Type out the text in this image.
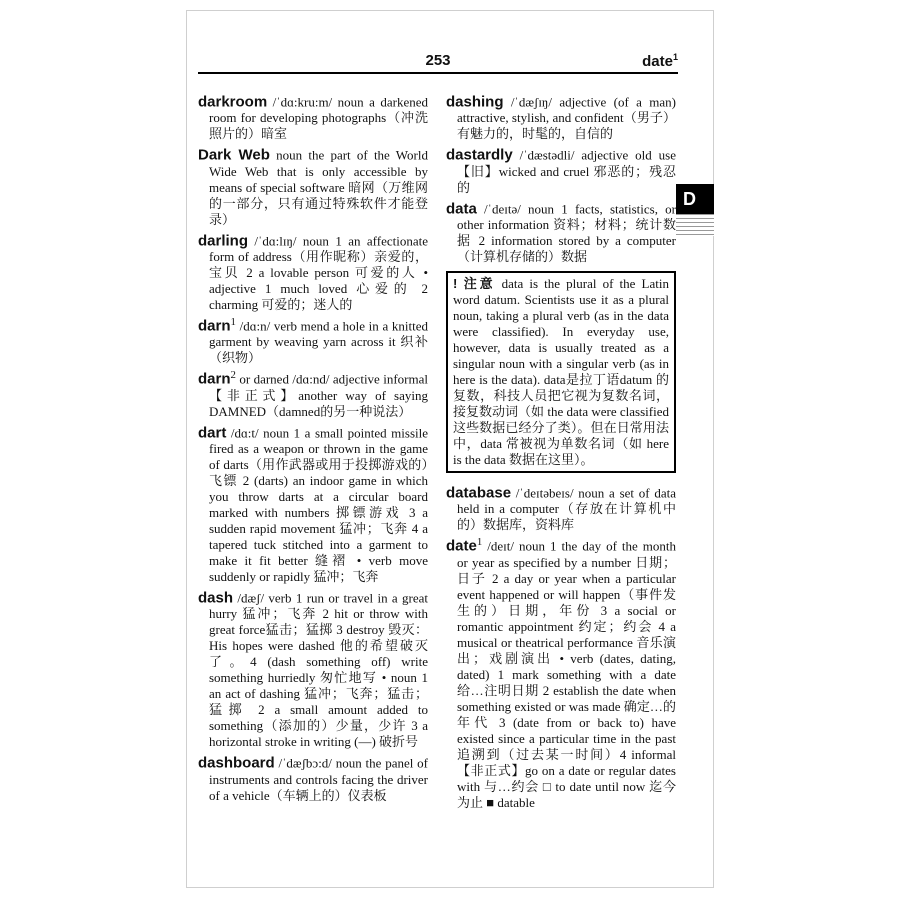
253	date$^1$
D
darkroom /ˈdɑ:kru:m/ noun a darkened room for developing photographs（冲洗照片的）暗室
Dark Web noun the part of the World Wide Web that is only accessible by means of special software 暗网（万维网的一部分，只有通过特殊软件才能登录）
darling /ˈdɑ:lɪŋ/ noun 1 an affectionate form of address（用作昵称）亲爱的，宝贝 2 a lovable person 可爱的人 • adjective 1 much loved 心爱的 2 charming 可爱的；迷人的
darn$^1$ /dɑ:n/ verb mend a hole in a knitted garment by weaving yarn across it 织补（织物）
darn$^2$ or darned /dɑ:nd/ adjective informal【非正式】another way of saying DAMNED（damned的另一种说法）
dart /dɑ:t/ noun 1 a small pointed missile fired as a weapon or thrown in the game of darts（用作武器或用于投掷游戏的）飞镖 2 (darts) an indoor game in which you throw darts at a circular board marked with numbers 掷镖游戏 3 a sudden rapid movement 猛冲；飞奔 4 a tapered tuck stitched into a garment to make it fit better 缝褶 • verb move suddenly or rapidly 猛冲；飞奔
dash /dæʃ/ verb 1 run or travel in a great hurry 猛冲；飞奔 2 hit or throw with great force猛击；猛掷 3 destroy 毁灭：His hopes were dashed 他的希望破灭了。4 (dash something off) write something hurriedly 匆忙地写 • noun 1 an act of dashing 猛冲；飞奔；猛击；猛掷 2 a small amount added to something（添加的）少量，少许 3 a horizontal stroke in writing (—) 破折号
dashboard /ˈdæʃbɔ:d/ noun the panel of instruments and controls facing the driver of a vehicle（车辆上的）仪表板
dashing /ˈdæʃɪŋ/ adjective (of a man) attractive, stylish, and confident（男子）有魅力的，时髦的，自信的
dastardly /ˈdæstədli/ adjective old use【旧】wicked and cruel 邪恶的；残忍的
data /ˈdeɪtə/ noun 1 facts, statistics, or other information 资料；材料；统计数据 2 information stored by a computer（计算机存储的）数据
! 注意 data is the plural of the Latin word datum. Scientists use it as a plural noun, taking a plural verb (as in the data were classified). In everyday use, however, data is usually treated as a singular noun with a singular verb (as in here is the data). data是拉丁语datum 的复数，科技人员把它视为复数名词，接复数动词（如 the data were classified 这些数据已经分了类）。但在日常用法中，data 常被视为单数名词（如 here is the data 数据在这里）。
database /ˈdeɪtəbeɪs/ noun a set of data held in a computer（存放在计算机中的）数据库，资料库
date$^1$ /deɪt/ noun 1 the day of the month or year as specified by a number 日期；日子 2 a day or year when a particular event happened or will happen（事件发生的）日期，年份 3 a social or romantic appointment 约定；约会 4 a musical or theatrical performance 音乐演出；戏剧演出 • verb (dates, dating, dated) 1 mark something with a date 给…注明日期 2 establish the date when something existed or was made 确定…的年代 3 (date from or back to) have existed since a particular time in the past 追溯到（过去某一时间）4 informal【非正式】go on a date or regular dates with 与…约会 □ to date until now 迄今为止 ■ datable
